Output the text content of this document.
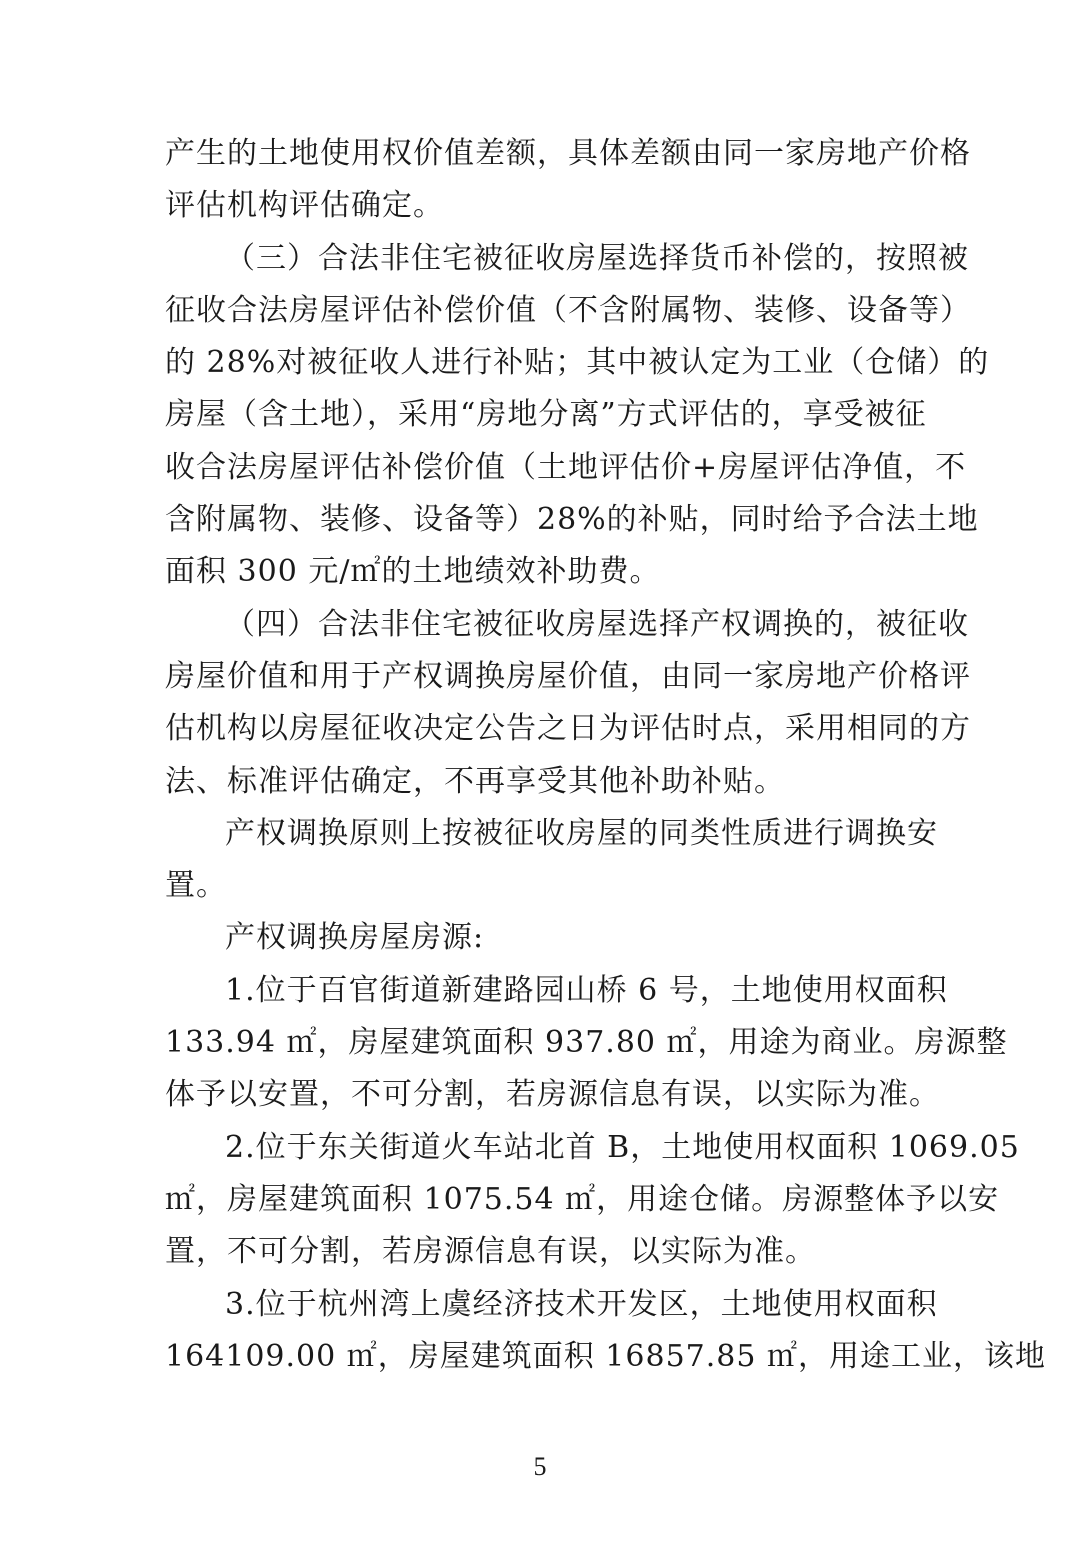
产生的土地使用权价值差额，具体差额由同一家房地产价格
评估机构评估确定。
（三）合法非住宅被征收房屋选择货币补偿的，按照被
征收合法房屋评估补偿价值（不含附属物、装修、设备等）
的 28%对被征收人进行补贴；其中被认定为工业（仓储）的
房屋（含土地），采用“房地分离”方式评估的，享受被征
收合法房屋评估补偿价值（土地评估价+房屋评估净值，不
含附属物、装修、设备等）28%的补贴，同时给予合法土地
面积 300 元/㎡的土地绩效补助费。
（四）合法非住宅被征收房屋选择产权调换的，被征收
房屋价值和用于产权调换房屋价值，由同一家房地产价格评
估机构以房屋征收决定公告之日为评估时点，采用相同的方
法、标准评估确定，不再享受其他补助补贴。
产权调换原则上按被征收房屋的同类性质进行调换安
置。
产权调换房屋房源:
1.位于百官街道新建路园山桥 6 号，土地使用权面积
133.94 ㎡，房屋建筑面积 937.80 ㎡，用途为商业。房源整
体予以安置，不可分割，若房源信息有误，以实际为准。
2.位于东关街道火车站北首 B，土地使用权面积 1069.05
㎡，房屋建筑面积 1075.54 ㎡，用途仓储。房源整体予以安
置，不可分割，若房源信息有误，以实际为准。
3.位于杭州湾上虞经济技术开发区，土地使用权面积
164109.00 ㎡，房屋建筑面积 16857.85 ㎡，用途工业，该地
5
